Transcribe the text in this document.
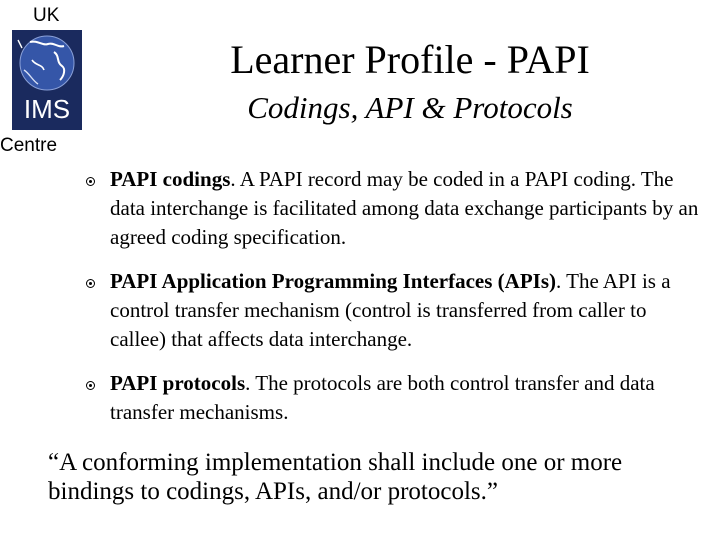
UK
IMS
Centre
Learner Profile - PAPI
Codings, API & Protocols
PAPI codings. A PAPI record may be coded in a PAPI coding. The data interchange is facilitated among data exchange participants by an agreed coding specification.
PAPI Application Programming Interfaces (APIs). The API is a control transfer mechanism (control is transferred from caller to callee) that affects data interchange.
PAPI protocols. The protocols are both control transfer and data transfer mechanisms.
“A conforming implementation shall include one or more bindings to codings, APIs, and/or protocols.”
